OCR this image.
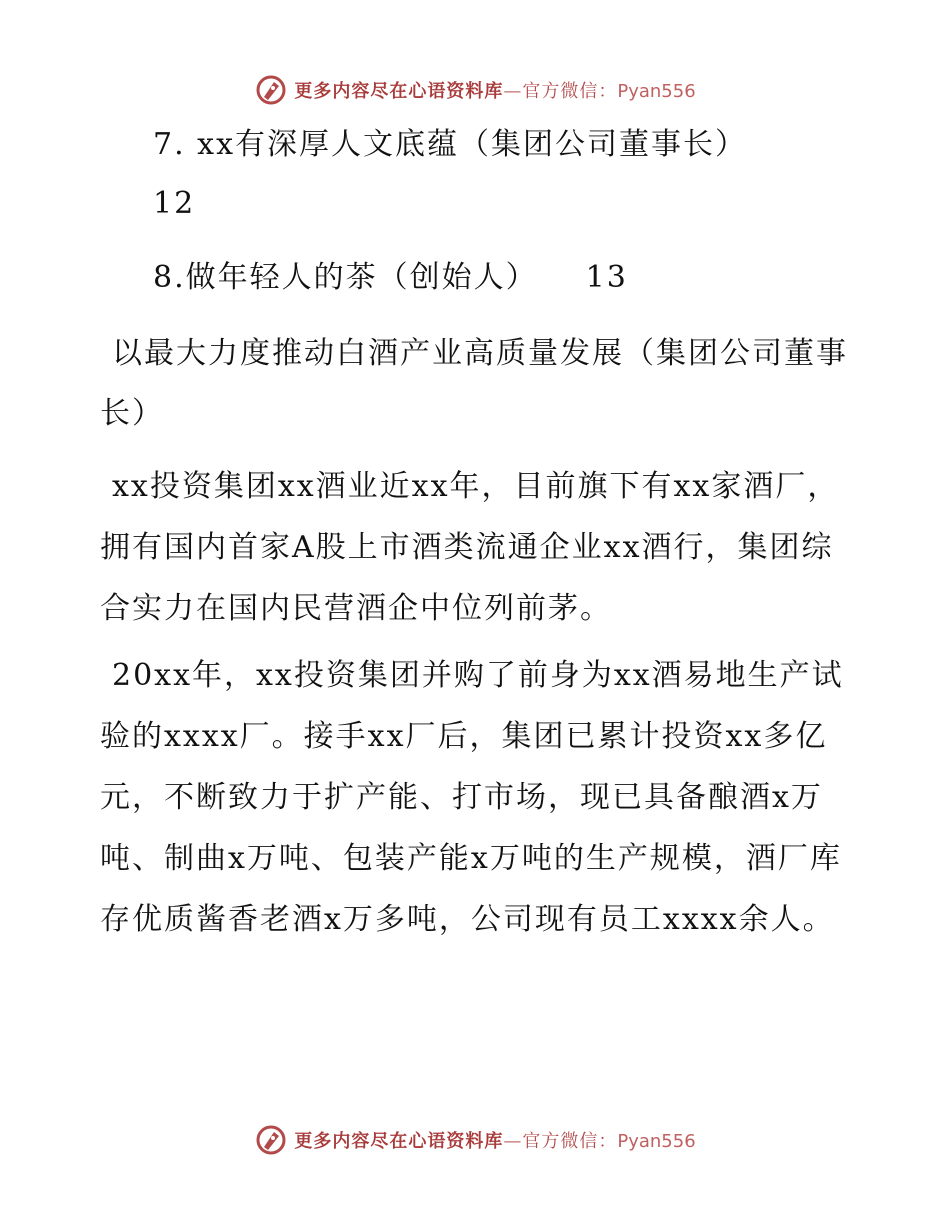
更多内容尽在心语资料库—官方微信：Pyan556

7. xx有深厚人文底蕴（集团公司董事长）

12

8.做年轻人的茶（创始人） 13

以最大力度推动白酒产业高质量发展（集团公司董事长）

xx投资集团xx酒业近xx年，目前旗下有xx家酒厂，拥有国内首家A股上市酒类流通企业xx酒行，集团综合实力在国内民营酒企中位列前茅。

20xx年，xx投资集团并购了前身为xx酒易地生产试验的xxxx厂。接手xx厂后，集团已累计投资xx多亿元，不断致力于扩产能、打市场，现已具备酿酒x万吨、制曲x万吨、包装产能x万吨的生产规模，酒厂库存优质酱香老酒x万多吨，公司现有员工xxxx余人。

更多内容尽在心语资料库—官方微信：Pyan556
